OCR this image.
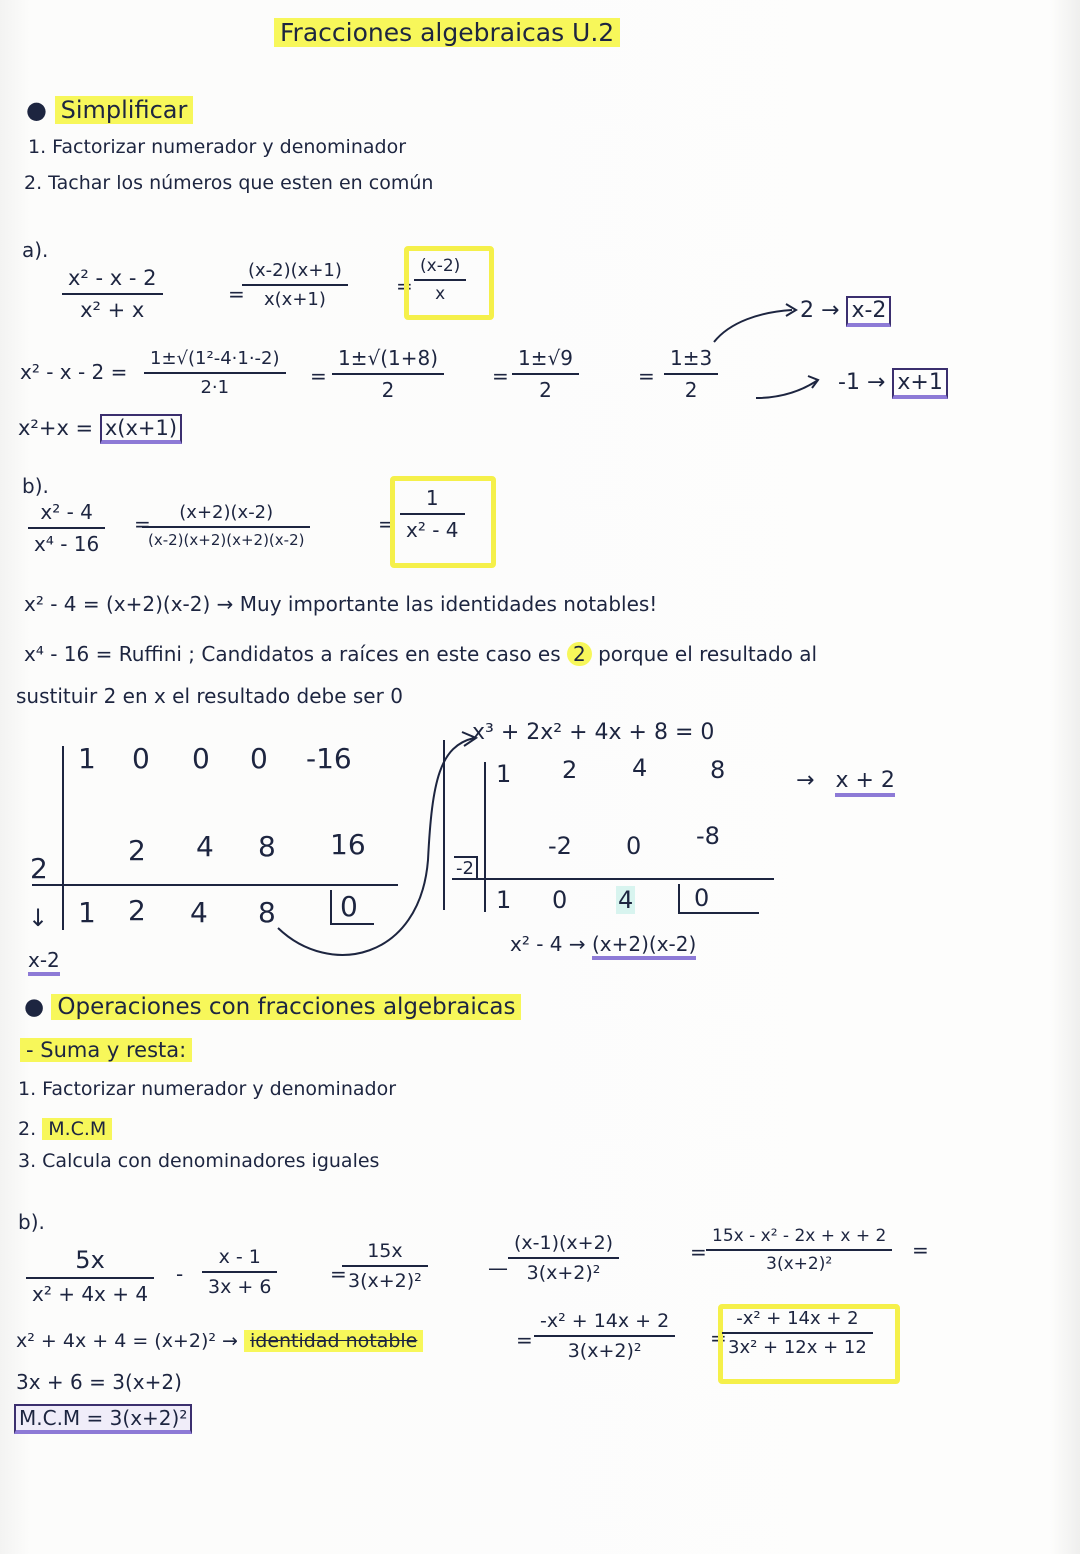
Fracciones algebraicas U.2
● Simplificar
1. Factorizar numerador y denominador
2. Tachar los números que esten en común
a).
x² - x - 2
x² + x
=
(x-2)(x+1)
x(x+1)
=
(x-2)
x
x² - x - 2 =
1±√(1²-4·1·-2)
2·1	=
1±√(1+8)
2
=
1±√9
2
=
1±3
2
2 → x-2
-1 → x+1
x²+x = x(x+1)
b).
x² - 4
x⁴ - 16
=	(x+2)(x-2)
(x-2)(x+2)(x+2)(x-2)
=
1
x² - 4
x² - 4 = (x+2)(x-2) → Muy importante las identidades notables!
x⁴ - 16 = Ruffini ; Candidatos a raíces en este caso es 2 porque el resultado al
sustituir 2 en x el resultado debe ser 0
2
↓
1 0 0 0 -16
2 4 8 16
1 2 4 8	0
x-2
x³ + 2x² + 4x + 8 = 0
-2
1 2 4	8
-2 0 -8
1 0 4	0
→ x + 2
x² - 4 → (x+2)(x-2)
● Operaciones con fracciones algebraicas
- Suma y resta:
1. Factorizar numerador y denominador
2. M.C.M
3. Calcula con denominadores iguales
b).
5x
x² + 4x + 4
-
x - 1
3x + 6
=
15x
3(x+2)²
—
(x-1)(x+2)
3(x+2)²
=
15x - x² - 2x + x + 2
3(x+2)²
=
x² + 4x + 4 = (x+2)² → identidad notable
3x + 6 = 3(x+2)
M.C.M = 3(x+2)²
=
-x² + 14x + 2
3(x+2)²
=
-x² + 14x + 2
3x² + 12x + 12
